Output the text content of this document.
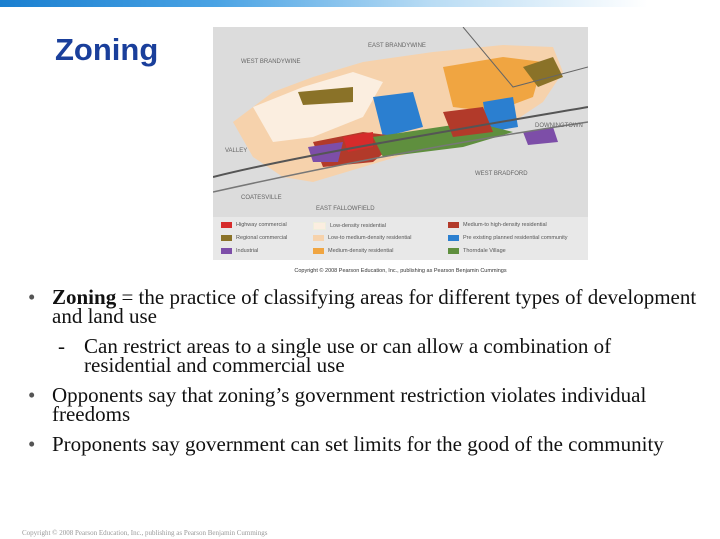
Zoning	WEST BRANDYWINE
EAST BRANDYWINE
DOWNINGTOWN
VALLEY
WEST BRADFORD
COATESVILLE
EAST FALLOWFIELD
Highway commercial
Regional commercial
Industrial
Low-density residential
Low-to medium-density residential
Medium-density residential
Medium-to high-density residential
Pre existing planned residential community
Thorndale Village
Copyright © 2008 Pearson Education, Inc., publishing as Pearson Benjamin Cummings
• Zoning = the practice of classifying areas for different types of development and land use
- Can restrict areas to a single use or can allow a combination of residential and commercial use
• Opponents say that zoning’s government restriction violates individual freedoms
• Proponents say government can set limits for the good of the community
Copyright © 2008 Pearson Education, Inc., publishing as Pearson Benjamin Cummings
